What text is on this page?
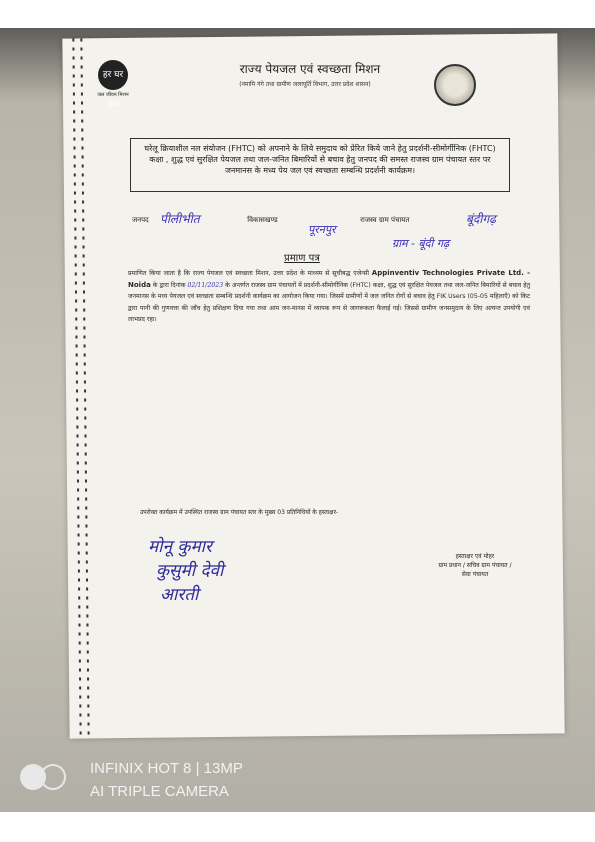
हर घर जल
जल जीवन मिशन
राज्य पेयजल एवं स्वच्छता मिशन
(नमामि गंगे तथा ग्रामीण जलापूर्ति विभाग, उत्तर प्रदेश शासन)
घरेलू क्रियाशील नल संयोजन (FHTC) को अपनाने के लिये समुदाय को प्रेरित किये जाने हेतु प्रदर्शनी-सीमोर्गीनिक (FHTC) कक्षा , शुद्ध एवं सुरक्षित पेयजल तथा जल-जनित बिमारियों से बचाव हेतु जनपद की समस्त राजस्व ग्राम पंचायत स्तर पर जनमानस के मध्य पेय जल एवं स्वच्छता सम्बन्धि प्रदर्शनी कार्यक्रम।
जनपद	विकासखण्ड	राजस्व ग्राम पंचायत
पीलीभीत
पूरनपुर
बूंदीगढ़
ग्राम - बूंदी गढ़
प्रमाण पत्र
प्रमाणित किया जाता है कि राज्य पेयजल एवं स्वच्छता मिशन, उत्तर प्रदेश के माध्यम से सूचीबद्ध एजेन्सी Appinventiv Technologies Private Ltd. - Noida के द्वारा दिनांक 02/11/2023 के अन्तर्गत राजस्व ग्राम पंचायतों में प्रदर्शनी-सीमोर्गीनिक (FHTC) कक्षा, शुद्ध एवं सुरक्षित पेयजल तथा जल-जनित बिमारियों से बचाव हेतु जनमानस के मध्य पेयजल एवं स्वच्छता सम्बन्धि प्रदर्शनी कार्यक्रम का आयोजन किया गया। जिसमें ग्रामीणों में जल जनित रोगों से बचाव हेतु FIK Users (05-05 महिलाएँ) को किट द्वारा पानी की गुणवत्ता की जाँच हेतु प्रशिक्षण दिया गया तथा आम जन-मानस में व्यापक रूप से जागरूकता फैलाई गई। जिससे ग्रामीण जनसमुदाय के लिए अत्यन्त उपयोगी एवं लाभप्रद रहा।
उपरोक्त कार्यक्रम में उपस्थित राजस्व ग्राम पंचायत स्तर के मुख्य 03 प्रतिनिधियों के हस्ताक्षर-
मोनू कुमार
कुसुमी देवी
आरती
हस्ताक्षर एवं मोहर
ग्राम प्रधान / सचिव ग्राम पंचायत /
सेवा पंचायत
INFINIX HOT 8 | 13MP
AI TRIPLE CAMERA
